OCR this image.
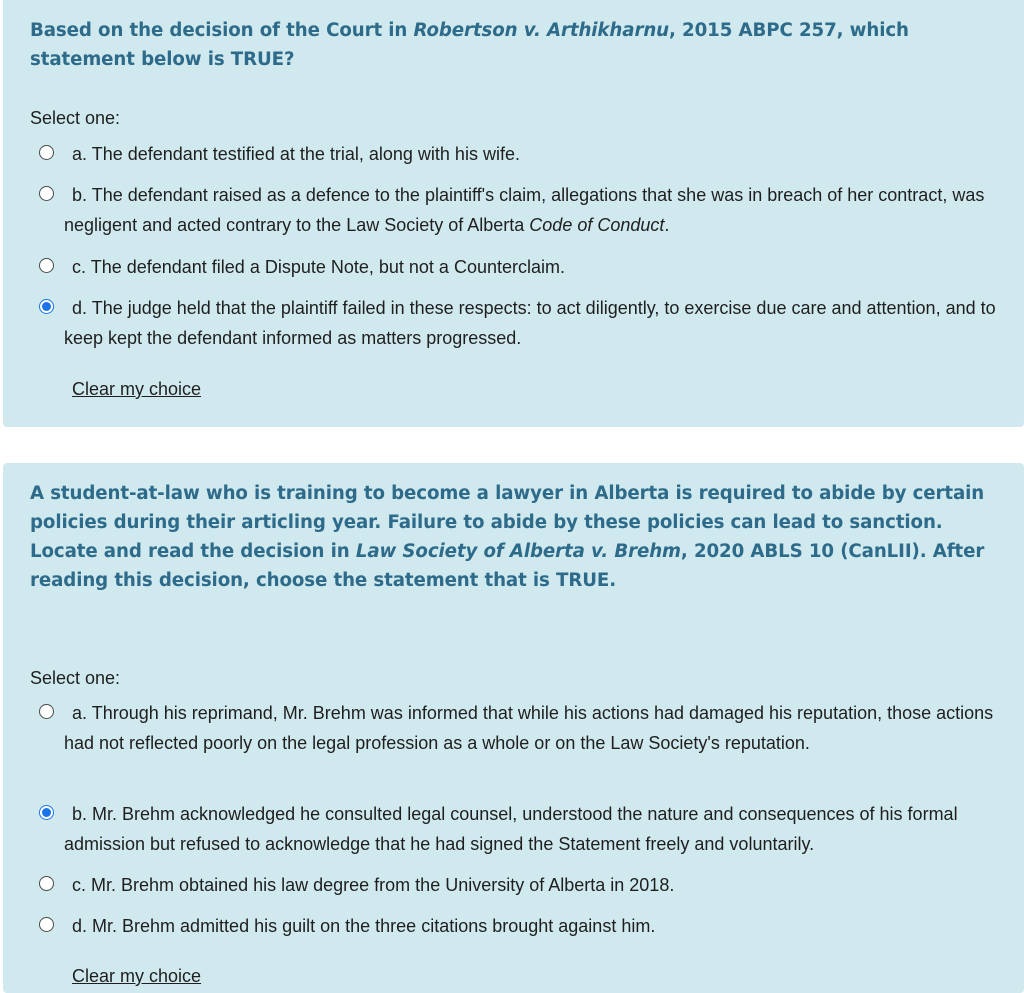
Based on the decision of the Court in Robertson v. Arthikharnu, 2015 ABPC 257, which statement below is TRUE?
Select one:
a. The defendant testified at the trial, along with his wife.
b. The defendant raised as a defence to the plaintiff's claim, allegations that she was in breach of her contract, was negligent and acted contrary to the Law Society of Alberta Code of Conduct.
c. The defendant filed a Dispute Note, but not a Counterclaim.
d. The judge held that the plaintiff failed in these respects: to act diligently, to exercise due care and attention, and to keep kept the defendant informed as matters progressed.
Clear my choice
A student-at-law who is training to become a lawyer in Alberta is required to abide by certain policies during their articling year. Failure to abide by these policies can lead to sanction. Locate and read the decision in Law Society of Alberta v. Brehm, 2020 ABLS 10 (CanLII). After reading this decision, choose the statement that is TRUE.
Select one:
a. Through his reprimand, Mr. Brehm was informed that while his actions had damaged his reputation, those actions had not reflected poorly on the legal profession as a whole or on the Law Society's reputation.
b. Mr. Brehm acknowledged he consulted legal counsel, understood the nature and consequences of his formal admission but refused to acknowledge that he had signed the Statement freely and voluntarily.
c. Mr. Brehm obtained his law degree from the University of Alberta in 2018.
d. Mr. Brehm admitted his guilt on the three citations brought against him.
Clear my choice
